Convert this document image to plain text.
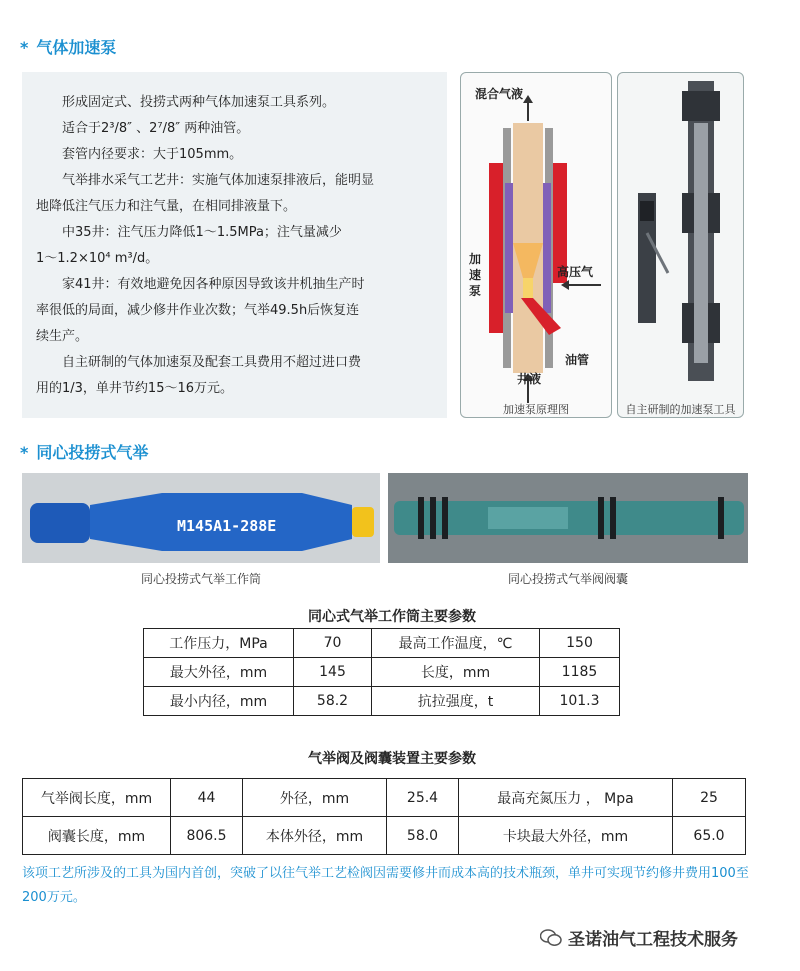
* 气体加速泵

形成固定式、投捞式两种气体加速泵工具系列。

适合于2³/8″ 、2⁷/8″ 两种油管。

套管内径要求：大于105mm。

气举排水采气工艺井：实施气体加速泵排液后，能明显

地降低注气压力和注气量，在相同排液量下。

中35井：注气压力降低1～1.5MPa；注气量减少

1～1.2×10⁴ m³/d。

家41井：有效地避免因各种原因导致该井机抽生产时

率很低的局面，减少修井作业次数；气举49.5h后恢复连

续生产。

自主研制的气体加速泵及配套工具费用不超过进口费

用的1/3，单井节约15～16万元。

混合气液
加
速
泵
高压气
油管
井液
加速泵原理图	自主研制的加速泵工具
* 同心投捞式气举
M145A1-288E
同心投捞式气举工作筒	同心投捞式气举阀阀囊
同心式气举工作筒主要参数
工作压力，MPa	70	最高工作温度，℃	150
最大外径，mm	145	长度，mm	1185
最小内径，mm	58.2	抗拉强度，t	101.3
气举阀及阀囊装置主要参数
气举阀长度，mm	44	外径，mm	25.4	最高充氮压力 ， Mpa	25
阀囊长度，mm	806.5	本体外径，mm	58.0	卡块最大外径，mm	65.0
该项工艺所涉及的工具为国内首创，突破了以往气举工艺检阀因需要修井而成本高的技术瓶颈，单井可实现节约修井费用100至200万元。
圣诺油气工程技术服务
